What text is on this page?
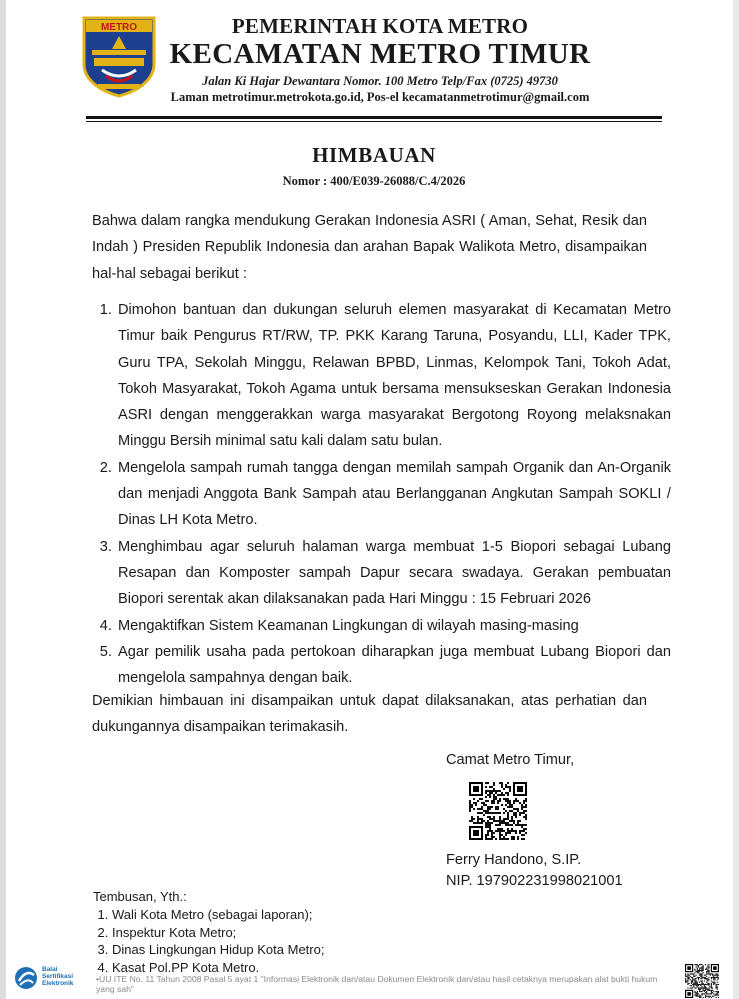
METRO	PEMERINTAH KOTA METRO
KECAMATAN METRO TIMUR
Jalan Ki Hajar Dewantara Nomor. 100 Metro Telp/Fax (0725) 49730
Laman metrotimur.metrokota.go.id, Pos-el kecamatanmetrotimur@gmail.com
HIMBAUAN
Nomor : 400/E039-26088/C.4/2026
Bahwa dalam rangka mendukung Gerakan Indonesia ASRI ( Aman, Sehat, Resik dan Indah ) Presiden Republik Indonesia dan arahan Bapak Walikota Metro, disampaikan hal-hal sebagai berikut :
1. Dimohon bantuan dan dukungan seluruh elemen masyarakat di Kecamatan Metro Timur baik Pengurus RT/RW, TP. PKK Karang Taruna, Posyandu, LLI, Kader TPK, Guru TPA, Sekolah Minggu, Relawan BPBD, Linmas, Kelompok Tani, Tokoh Adat, Tokoh Masyarakat, Tokoh Agama untuk bersama mensukseskan Gerakan Indonesia ASRI dengan menggerakkan warga masyarakat Bergotong Royong melaksnakan Minggu Bersih minimal satu kali dalam satu bulan.
2. Mengelola sampah rumah tangga dengan memilah sampah Organik dan An-Organik dan menjadi Anggota Bank Sampah atau Berlangganan Angkutan Sampah SOKLI / Dinas LH Kota Metro.
3. Menghimbau agar seluruh halaman warga membuat 1-5 Biopori sebagai Lubang Resapan dan Komposter sampah Dapur secara swadaya. Gerakan pembuatan Biopori serentak akan dilaksanakan pada Hari Minggu : 15 Februari 2026
4. Mengaktifkan Sistem Keamanan Lingkungan di wilayah masing-masing
5. Agar pemilik usaha pada pertokoan diharapkan juga membuat Lubang Biopori dan mengelola sampahnya dengan baik.
Demikian himbauan ini disampaikan untuk dapat dilaksanakan, atas perhatian dan dukungannya disampaikan terimakasih.
Camat Metro Timur,
Ferry Handono, S.IP.
NIP. 197902231998021001
Tembusan, Yth.:
1. Wali Kota Metro (sebagai laporan);
2. Inspektur Kota Metro;
3. Dinas Lingkungan Hidup Kota Metro;
4. Kasat Pol.PP Kota Metro.
Balai
Sertifikasi
Elektronik	•UU ITE No. 11 Tahun 2008 Pasal 5 ayat 1 "Informasi Elektronik dan/atau Dokumen Elektronik dan/atau hasil cetaknya merupakan alat bukti hukum yang sah"
